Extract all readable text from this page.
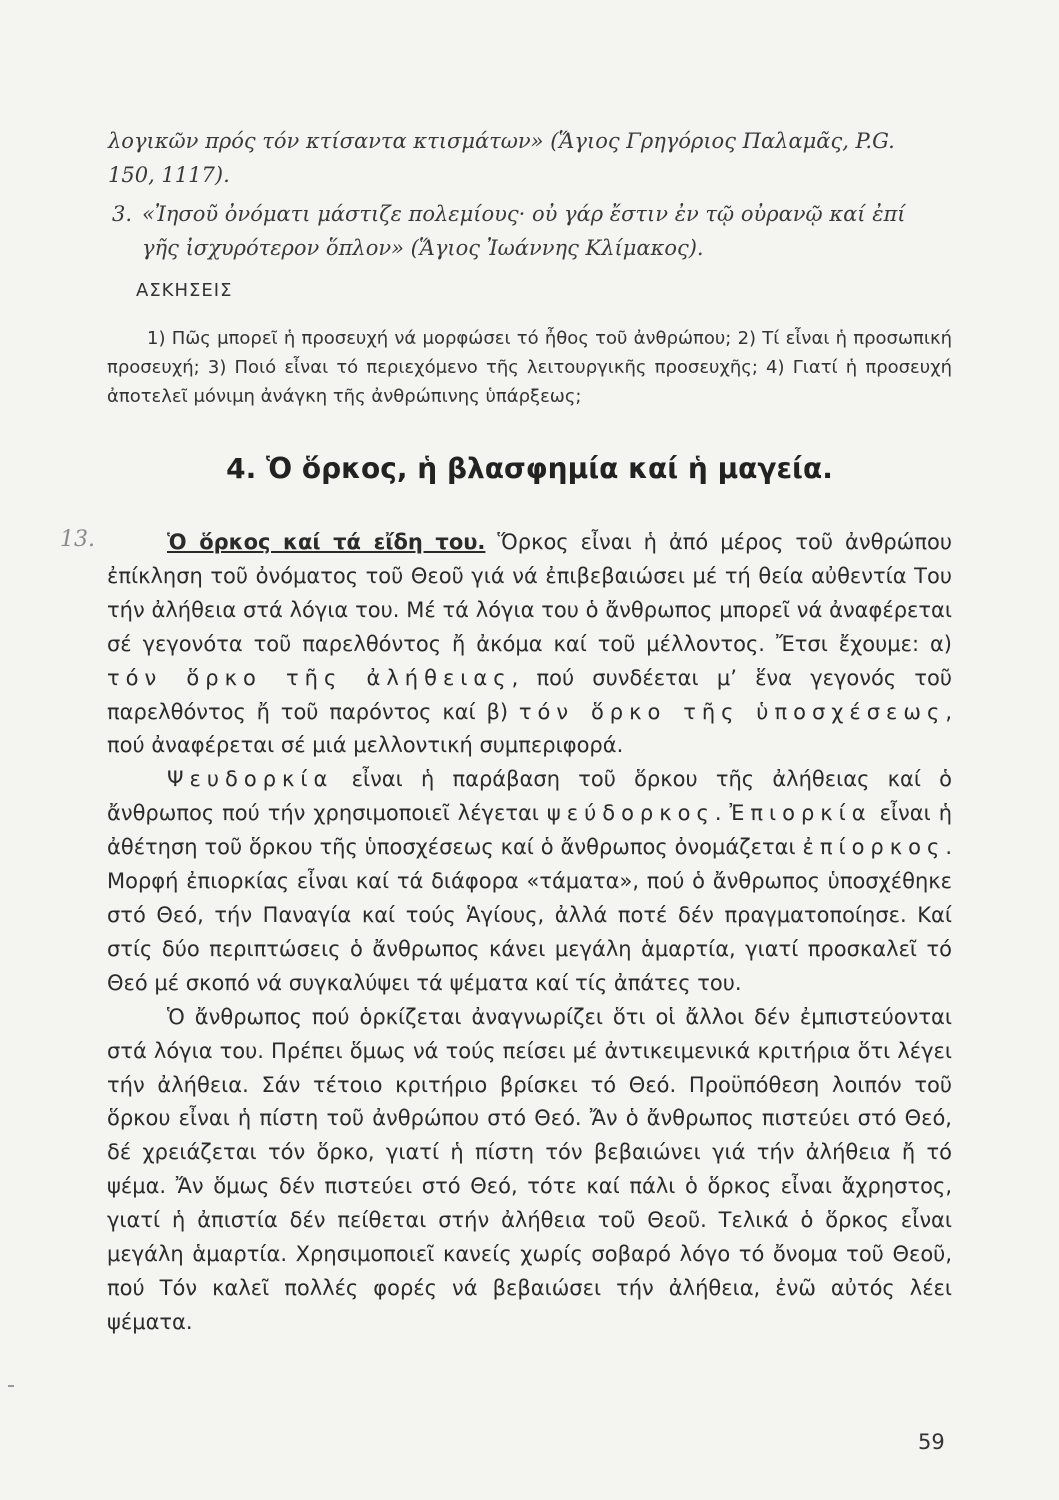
λογικῶν πρός τόν κτίσαντα κτισμάτων» (Ἅγιος Γρηγόριος Παλαμᾶς, P.G.
150, 1117).
3. «Ἰησοῦ ὀνόματι μάστιζε πολεμίους· οὐ γάρ ἔστιν ἐν τῷ οὐρανῷ καί ἐπί
γῆς ἰσχυρότερον ὅπλον» (Ἅγιος Ἰωάννης Κλίμακος).
ΑΣΚΗΣΕΙΣ
1) Πῶς μπορεῖ ἡ προσευχή νά μορφώσει τό ἦθος τοῦ ἀνθρώπου; 2) Τί εἶναι ἡ προσωπική προσευχή; 3) Ποιό εἶναι τό περιεχόμενο τῆς λειτουργικῆς προσευχῆς; 4) Γιατί ἡ προσευχή ἀποτελεῖ μόνιμη ἀνάγκη τῆς ἀνθρώπινης ὑπάρξεως;
4. Ὁ ὅρκος, ἡ βλασφημία καί ἡ μαγεία.
13.	Ὁ ὅρκος καί τά εἴδη του. Ὅρκος εἶναι ἡ ἀπό μέρος τοῦ ἀνθρώπου ἐπίκληση τοῦ ὀνόματος τοῦ Θεοῦ γιά νά ἐπιβεβαιώσει μέ τή θεία αὐθεντία Του τήν ἀλήθεια στά λόγια του. Μέ τά λόγια του ὁ ἄνθρωπος μπορεῖ νά ἀναφέρεται σέ γεγονότα τοῦ παρελθόντος ἤ ἀκόμα καί τοῦ μέλλοντος. Ἔτσι ἔχουμε: α) τόν ὅρκο τῆς ἀλήθειας, πού συνδέεται μ’ ἕνα γεγονός τοῦ παρελθόντος ἤ τοῦ παρόντος καί β) τόν ὅρκο τῆς ὑποσχέσεως, πού ἀναφέρεται σέ μιά μελλοντική συμπεριφορά.

Ψευδορκία εἶναι ἡ παράβαση τοῦ ὅρκου τῆς ἀλήθειας καί ὁ ἄνθρωπος πού τήν χρησιμοποιεῖ λέγεται ψεύδορκος. Ἐπιορκία εἶναι ἡ ἀθέτηση τοῦ ὅρκου τῆς ὑποσχέσεως καί ὁ ἄνθρωπος ὀνομάζεται ἐπίορκος. Μορφή ἐπιορκίας εἶναι καί τά διάφορα «τάματα», πού ὁ ἄνθρωπος ὑποσχέθηκε στό Θεό, τήν Παναγία καί τούς Ἁγίους, ἀλλά ποτέ δέν πραγματοποίησε. Καί στίς δύο περιπτώσεις ὁ ἄνθρωπος κάνει μεγάλη ἁμαρτία, γιατί προσκαλεῖ τό Θεό μέ σκοπό νά συγκαλύψει τά ψέματα καί τίς ἀπάτες του.

Ὁ ἄνθρωπος πού ὁρκίζεται ἀναγνωρίζει ὅτι οἱ ἄλλοι δέν ἐμπιστεύονται στά λόγια του. Πρέπει ὅμως νά τούς πείσει μέ ἀντικειμενικά κριτήρια ὅτι λέγει τήν ἀλήθεια. Σάν τέτοιο κριτήριο βρίσκει τό Θεό. Προϋπόθεση λοιπόν τοῦ ὅρκου εἶναι ἡ πίστη τοῦ ἀνθρώπου στό Θεό. Ἄν ὁ ἄνθρωπος πιστεύει στό Θεό, δέ χρειάζεται τόν ὅρκο, γιατί ἡ πίστη τόν βεβαιώνει γιά τήν ἀλήθεια ἤ τό ψέμα. Ἄν ὅμως δέν πιστεύει στό Θεό, τότε καί πάλι ὁ ὅρκος εἶναι ἄχρηστος, γιατί ἡ ἀπιστία δέν πείθεται στήν ἀλήθεια τοῦ Θεοῦ. Τελικά ὁ ὅρκος εἶναι μεγάλη ἁμαρτία. Χρησιμοποιεῖ κανείς χωρίς σοβαρό λόγο τό ὄνομα τοῦ Θεοῦ, πού Τόν καλεῖ πολλές φορές νά βεβαιώσει τήν ἀλήθεια, ἐνῶ αὐτός λέει ψέματα.

59
